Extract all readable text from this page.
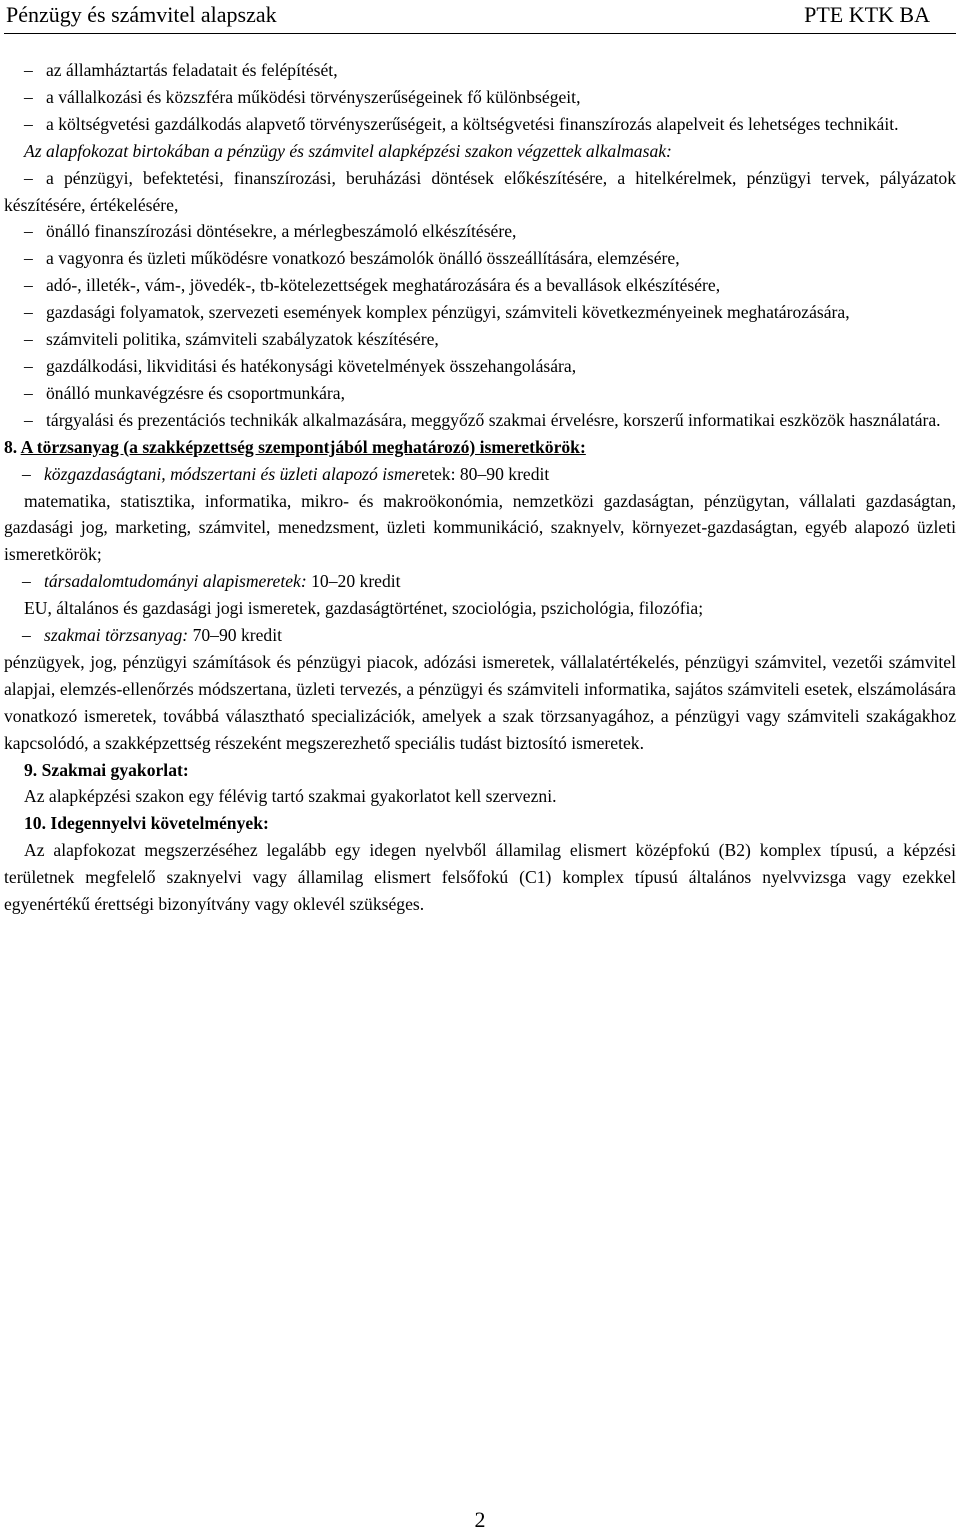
Pénzügy és számvitel alapszak	PTE KTK BA

– az államháztartás feladatait és felépítését,

– a vállalkozási és közszféra működési törvényszerűségeinek fő különbségeit,

– a költségvetési gazdálkodás alapvető törvényszerűségeit, a költségvetési finanszírozás alapelveit és lehetséges technikáit.

Az alapfokozat birtokában a pénzügy és számvitel alapképzési szakon végzettek alkalmasak:

– a pénzügyi, befektetési, finanszírozási, beruházási döntések előkészítésére, a hitelkérelmek, pénzügyi tervek, pályázatok készítésére, értékelésére,

– önálló finanszírozási döntésekre, a mérlegbeszámoló elkészítésére,

– a vagyonra és üzleti működésre vonatkozó beszámolók önálló összeállítására, elemzésére,

– adó-, illeték-, vám-, jövedék-, tb-kötelezettségek meghatározására és a bevallások elkészítésére,

– gazdasági folyamatok, szervezeti események komplex pénzügyi, számviteli következményeinek meghatározására,

– számviteli politika, számviteli szabályzatok készítésére,

– gazdálkodási, likviditási és hatékonysági követelmények összehangolására,

– önálló munkavégzésre és csoportmunkára,

– tárgyalási és prezentációs technikák alkalmazására, meggyőző szakmai érvelésre, korszerű informatikai eszközök használatára.

8. A törzsanyag (a szakképzettség szempontjából meghatározó) ismeretkörök:

– közgazdaságtani, módszertani és üzleti alapozó ismeretek: 80–90 kredit

matematika, statisztika, informatika, mikro- és makroökonómia, nemzetközi gazdaságtan, pénzügytan, vállalati gazdaságtan, gazdasági jog, marketing, számvitel, menedzsment, üzleti kommunikáció, szaknyelv, környezet-gazdaságtan, egyéb alapozó üzleti ismeretkörök;

– társadalomtudományi alapismeretek: 10–20 kredit

EU, általános és gazdasági jogi ismeretek, gazdaságtörténet, szociológia, pszichológia, filozófia;

– szakmai törzsanyag: 70–90 kredit

pénzügyek, jog, pénzügyi számítások és pénzügyi piacok, adózási ismeretek, vállalatértékelés, pénzügyi számvitel, vezetői számvitel alapjai, elemzés-ellenőrzés módszertana, üzleti tervezés, a pénzügyi és számviteli informatika, sajátos számviteli esetek, elszámolására vonatkozó ismeretek, továbbá választható specializációk, amelyek a szak törzsanyagához, a pénzügyi vagy számviteli szakágakhoz kapcsolódó, a szakképzettség részeként megszerezhető speciális tudást biztosító ismeretek.

9. Szakmai gyakorlat:

Az alapképzési szakon egy félévig tartó szakmai gyakorlatot kell szervezni.

10. Idegennyelvi követelmények:

Az alapfokozat megszerzéséhez legalább egy idegen nyelvből államilag elismert középfokú (B2) komplex típusú, a képzési területnek megfelelő szaknyelvi vagy államilag elismert felsőfokú (C1) komplex típusú általános nyelvvizsga vagy ezekkel egyenértékű érettségi bizonyítvány vagy oklevél szükséges.

2
